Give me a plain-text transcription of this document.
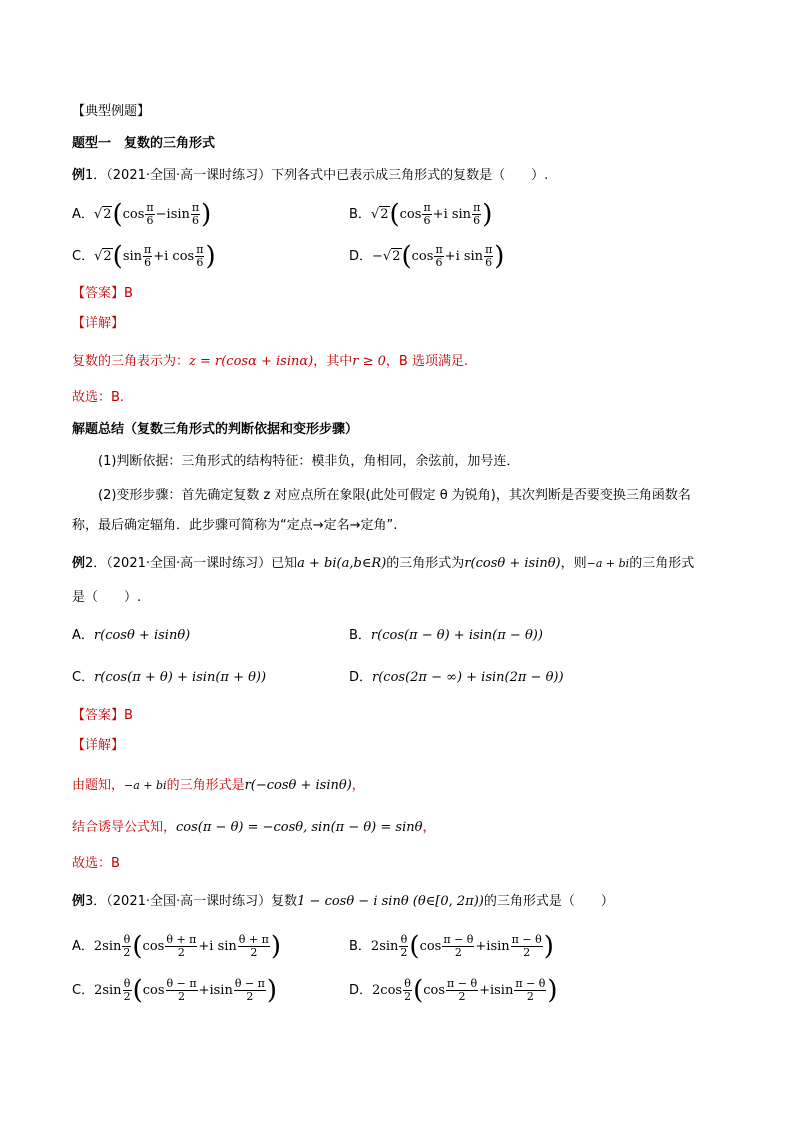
【典型例题】
题型一　复数的三角形式
例1．（2021·全国·高一课时练习）下列各式中已表示成三角形式的复数是（　　）.
A．$√2(\cos \frac{\pi}{6} -isin \frac{\pi}{6}$ )	B．$√2(\cos \frac{\pi}{6} +i$ $\sin \frac{\pi}{6}$ )
C．$√2(\sin \frac{\pi}{6} +i$ $\cos \frac{\pi}{6}$ )	D．$-√2(\cos \frac{\pi}{6} +i$ $\sin \frac{\pi}{6}$ )
【答案】B
【详解】
复数的三角表示为：z = r(cosα + isinα)，其中r ≥ 0，B 选项满足.
故选：B.
解题总结（复数三角形式的判断依据和变形步骤）
(1)判断依据：三角形式的结构特征：模非负，角相同，余弦前，加号连．
(2)变形步骤：首先确定复数 z 对应点所在象限(此处可假定 θ 为锐角)，其次判断是否要变换三角函数名
称，最后确定辐角．此步骤可简称为“定点→定名→定角”.
例2．（2021·全国·高一课时练习）已知a + bi(a,b∈R)的三角形式为r(cosθ + isinθ)，则−a + bi的三角形式
是（　　）.
A．r(cosθ + isinθ)	B．r(cos(π − θ) + isin(π − θ))
C．r(cos(π + θ) + isin(π + θ))	D．r(cos(2π − ∞) + isin(2π − θ))
【答案】B
【详解】
由题知，−a + bi的三角形式是r(−cosθ + isinθ)，
结合诱导公式知，cos(π − θ) = −cosθ, sin(π − θ) = sinθ，
故选：B
例3．（2021·全国·高一课时练习）复数1 − cosθ − i sinθ (θ∈[0, 2π))的三角形式是（　　）
A．$2\sin \frac{\theta}{2} (\cos \frac{\theta + \pi}{2} +i$ $\sin \frac{\theta + \pi}{2}$ )	B．$2\sin \frac{\theta}{2} (\cos \frac{\pi - \theta}{2} +isin \frac{\pi - \theta}{2}$ )
C．$2\sin \frac{\theta}{2} (\cos \frac{\theta - \pi}{2} +isin \frac{\theta - \pi}{2}$ )	D．$2\cos \frac{\theta}{2} (\cos \frac{\pi - \theta}{2} +isin \frac{\pi - \theta}{2}$ )
